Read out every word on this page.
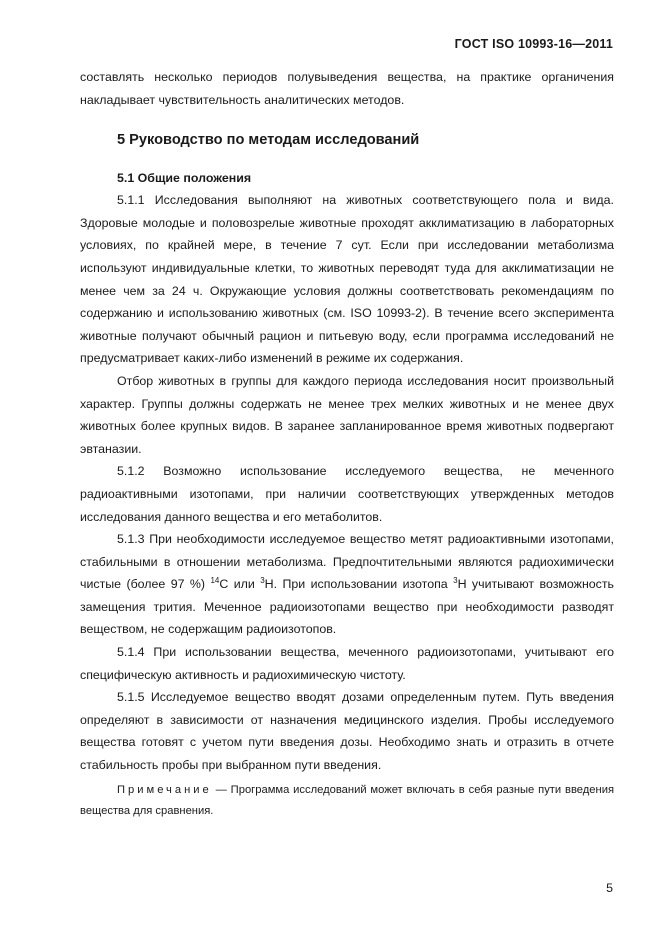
ГОСТ ISO 10993-16—2011

составлять несколько периодов полувыведения вещества, на практике органичения накладывает чувствительность аналитических методов.

5 Руководство по методам исследований
5.1 Общие положения

5.1.1 Исследования выполняют на животных соответствующего пола и вида. Здоровые молодые и половозрелые животные проходят акклиматизацию в лабораторных условиях, по крайней мере, в течение 7 сут. Если при исследовании метаболизма используют индивидуальные клетки, то животных переводят туда для акклиматизации не менее чем за 24 ч. Окружающие условия должны соответствовать рекомендациям по содержанию и использованию животных (см. ISO 10993-2). В течение всего эксперимента животные получают обычный рацион и питьевую воду, если программа исследований не предусматривает каких-либо изменений в режиме их содержания.

Отбор животных в группы для каждого периода исследования носит произвольный характер. Группы должны содержать не менее трех мелких животных и не менее двух животных более крупных видов. В заранее запланированное время животных подвергают эвтаназии.

5.1.2 Возможно использование исследуемого вещества, не меченного радиоактивными изотопами, при наличии соответствующих утвержденных методов исследования данного вещества и его метаболитов.

5.1.3 При необходимости исследуемое вещество метят радиоактивными изотопами, стабильными в отношении метаболизма. Предпочтительными являются радиохимически чистые (более 97 %) $^{14}$С или $^3$Н. При использовании изотопа $^3$Н учитывают возможность замещения трития. Меченное радиоизотопами вещество при необходимости разводят веществом, не содержащим радиоизотопов.

5.1.4 При использовании вещества, меченного радиоизотопами, учитывают его специфическую активность и радиохимическую чистоту.

5.1.5 Исследуемое вещество вводят дозами определенным путем. Путь введения определяют в зависимости от назначения медицинского изделия. Пробы исследуемого вещества готовят с учетом пути введения дозы. Необходимо знать и отразить в отчете стабильность пробы при выбранном пути введения.

Примечание — Программа исследований может включать в себя разные пути введения вещества для сравнения.
5
